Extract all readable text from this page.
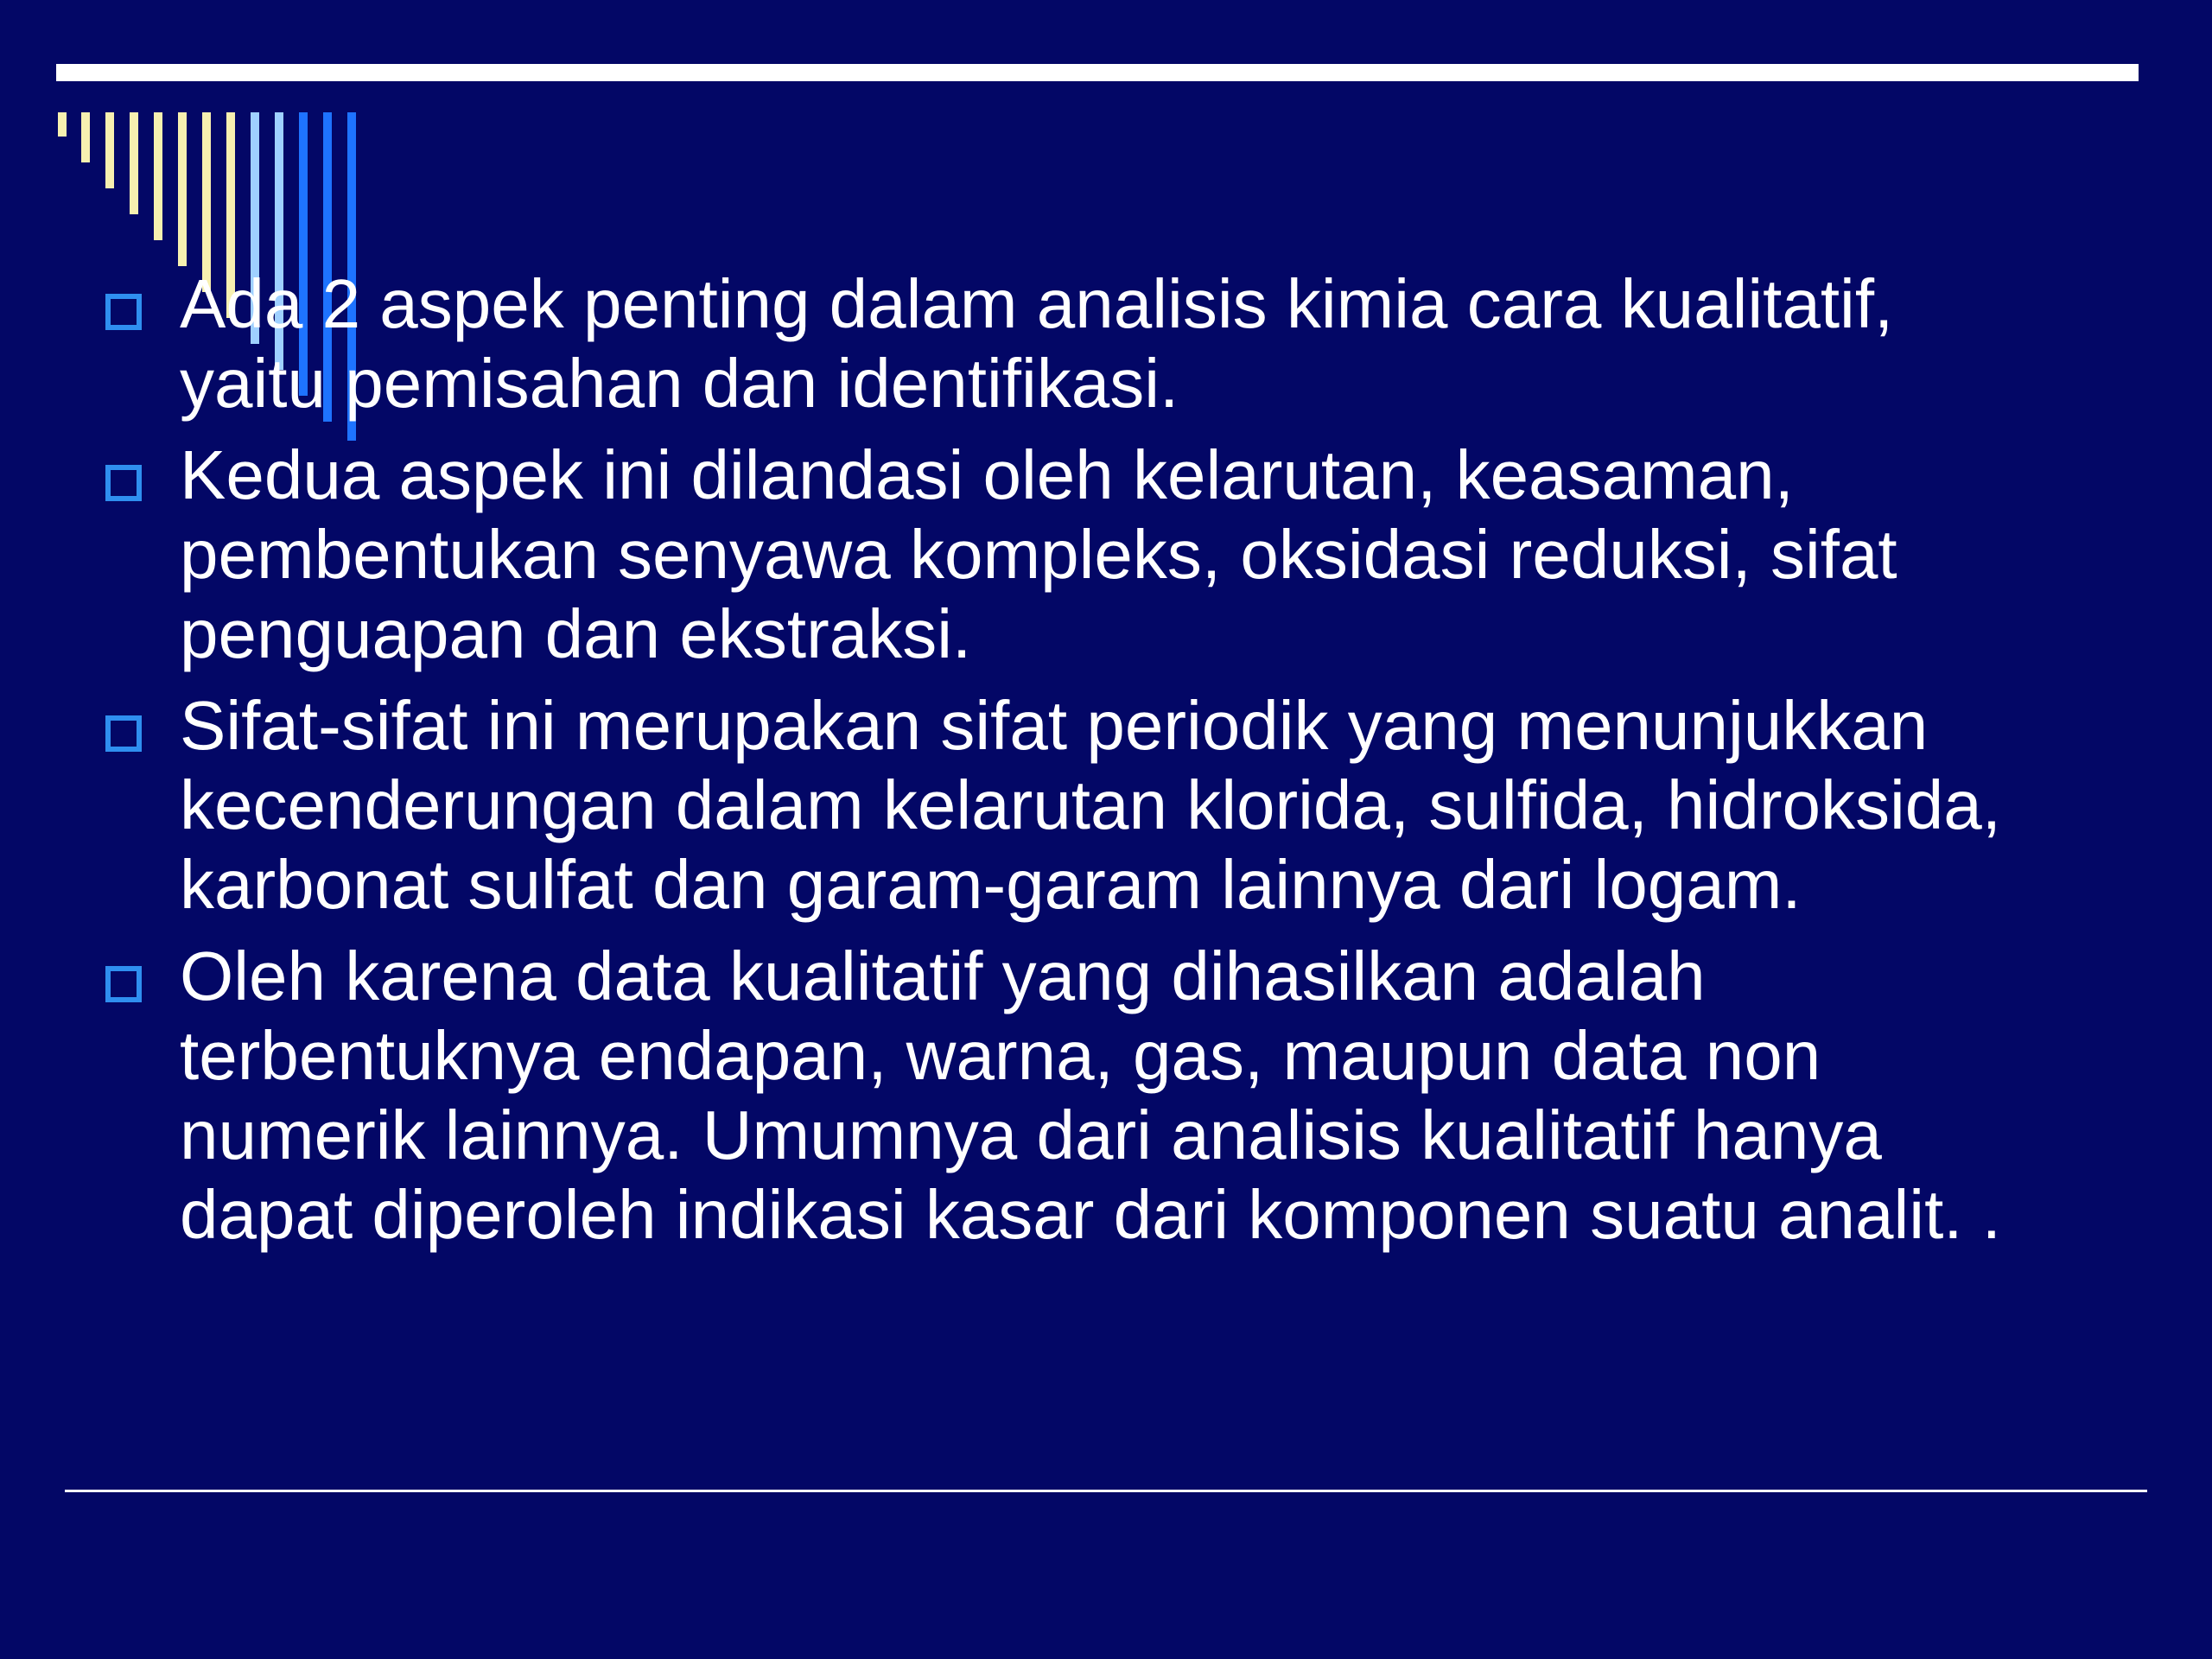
Ada 2 aspek penting dalam analisis kimia cara kualitatif, yaitu pemisahan dan identifikasi.
Kedua aspek ini dilandasi oleh kelarutan, keasaman, pembentukan senyawa kompleks, oksidasi reduksi, sifat penguapan dan ekstraksi.
Sifat-sifat ini merupakan sifat periodik yang menunjukkan kecenderungan dalam kelarutan klorida, sulfida, hidroksida, karbonat sulfat dan garam-garam lainnya dari logam.
Oleh karena data kualitatif yang dihasilkan adalah terbentuknya endapan, warna, gas, maupun data non numerik lainnya. Umumnya dari analisis kualitatif hanya dapat diperoleh indikasi kasar dari komponen suatu analit. .
